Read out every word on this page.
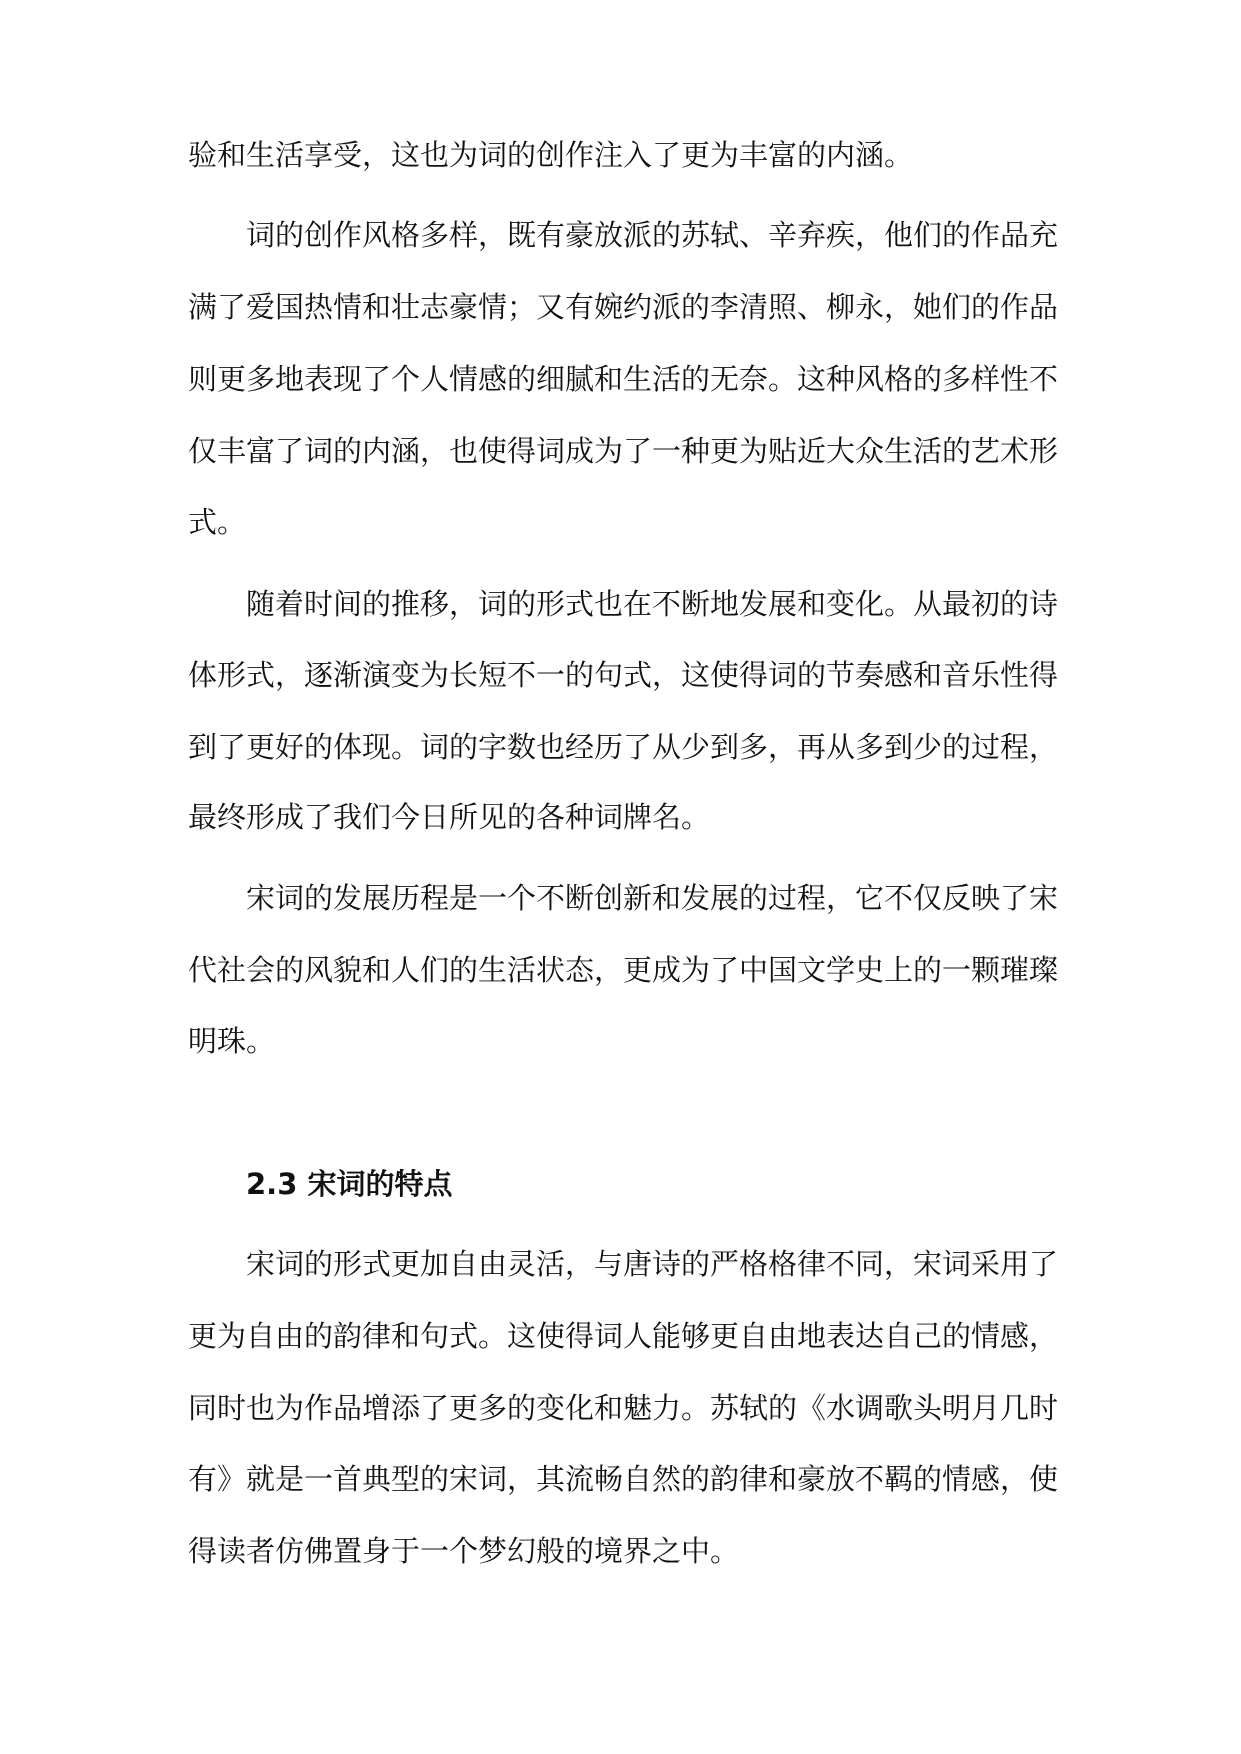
验和生活享受，这也为词的创作注入了更为丰富的内涵。
词的创作风格多样，既有豪放派的苏轼、辛弃疾，他们的作品充
满了爱国热情和壮志豪情；又有婉约派的李清照、柳永，她们的作品
则更多地表现了个人情感的细腻和生活的无奈。这种风格的多样性不
仅丰富了词的内涵，也使得词成为了一种更为贴近大众生活的艺术形
式。
随着时间的推移，词的形式也在不断地发展和变化。从最初的诗
体形式，逐渐演变为长短不一的句式，这使得词的节奏感和音乐性得
到了更好的体现。词的字数也经历了从少到多，再从多到少的过程，
最终形成了我们今日所见的各种词牌名。
宋词的发展历程是一个不断创新和发展的过程，它不仅反映了宋
代社会的风貌和人们的生活状态，更成为了中国文学史上的一颗璀璨
明珠。
2.3 宋词的特点
宋词的形式更加自由灵活，与唐诗的严格格律不同，宋词采用了
更为自由的韵律和句式。这使得词人能够更自由地表达自己的情感，
同时也为作品增添了更多的变化和魅力。苏轼的《水调歌头明月几时
有》就是一首典型的宋词，其流畅自然的韵律和豪放不羁的情感，使
得读者仿佛置身于一个梦幻般的境界之中。
